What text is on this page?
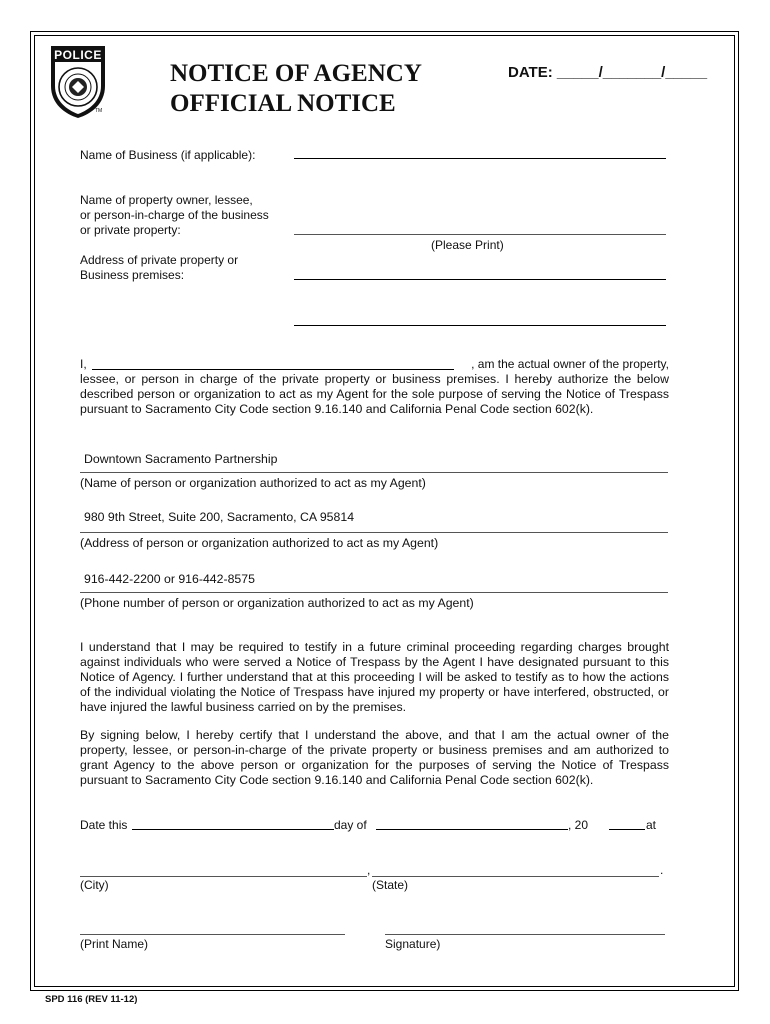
POLICE
TM
NOTICE OF AGENCY
OFFICIAL NOTICE
DATE: _____/_______/_____
Name of Business (if applicable):
Name of property owner, lessee,
or person-in-charge of the business
or private property:
(Please Print)
Address of private property or
Business premises:
I,	, am the actual owner of the property,
lessee, or person in charge of the private property or business premises. I hereby authorize the below described person or organization to act as my Agent for the sole purpose of serving the Notice of Trespass pursuant to Sacramento City Code section 9.16.140 and California Penal Code section 602(k).
Downtown Sacramento Partnership
(Name of person or organization authorized to act as my Agent)
980 9th Street, Suite 200, Sacramento, CA 95814
(Address of person or organization authorized to act as my Agent)
916-442-2200 or 916-442-8575
(Phone number of person or organization authorized to act as my Agent)
I understand that I may be required to testify in a future criminal proceeding regarding charges brought against individuals who were served a Notice of Trespass by the Agent I have designated pursuant to this Notice of Agency. I further understand that at this proceeding I will be asked to testify as to how the actions of the individual violating the Notice of Trespass have injured my property or have interfered, obstructed, or have injured the lawful business carried on by the premises.
By signing below, I hereby certify that I understand the above, and that I am the actual owner of the property, lessee, or person-in-charge of the private property or business premises and am authorized to grant Agency to the above person or organization for the purposes of serving the Notice of Trespass pursuant to Sacramento City Code section 9.16.140 and California Penal Code section 602(k).
Date this	day of	, 20	at
,	.
(City)	(State)
(Print Name)	Signature)
SPD 116 (REV 11-12)
